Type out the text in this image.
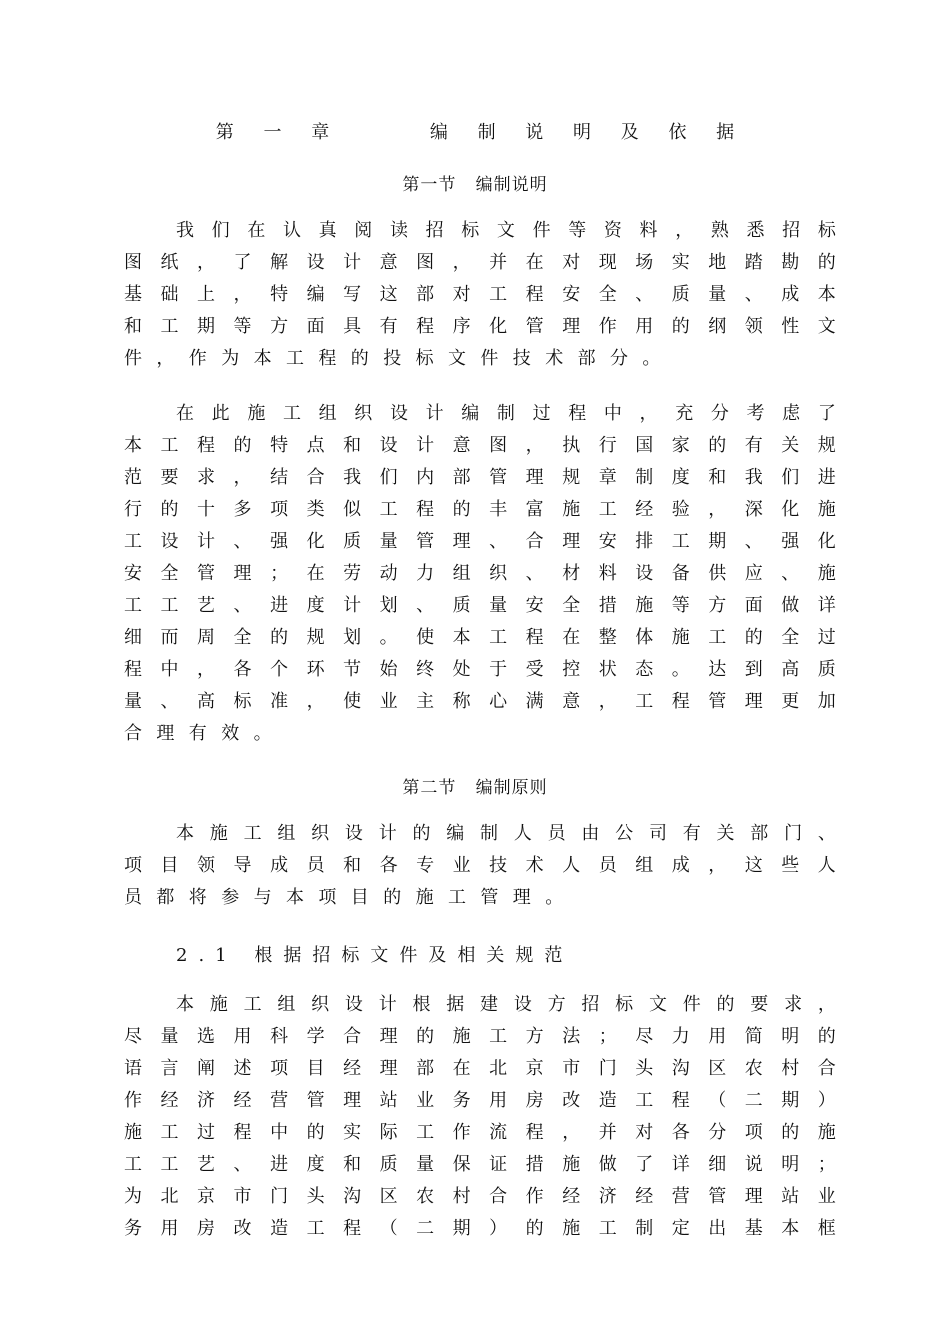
第 一 章     编 制 说 明 及 依 据
第一节   编制说明
我 们 在 认 真 阅 读 招 标 文 件 等 资 料 ， 熟 悉 招 标
图 纸 ， 了 解 设 计 意 图 ， 并 在 对 现 场 实 地 踏 勘 的
基 础 上 ， 特 编 写 这 部 对 工 程 安 全 、 质 量 、 成 本
和 工 期 等 方 面 具 有 程 序 化 管 理 作 用 的 纲 领 性 文
件，作为本工程的投标文件技术部分。
在 此 施 工 组 织 设 计 编 制 过 程 中 ， 充 分 考 虑 了
本 工 程 的 特 点 和 设 计 意 图 ， 执 行 国 家 的 有 关 规
范 要 求 ， 结 合 我 们 内 部 管 理 规 章 制 度 和 我 们 进
行 的 十 多 项 类 似 工 程 的 丰 富 施 工 经 验 ， 深 化 施
工 设 计 、 强 化 质 量 管 理 、 合 理 安 排 工 期 、 强 化
安 全 管 理 ； 在 劳 动 力 组 织 、 材 料 设 备 供 应 、 施
工 工 艺 、 进 度 计 划 、 质 量 安 全 措 施 等 方 面 做 详
细 而 周 全 的 规 划 。 使 本 工 程 在 整 体 施 工 的 全 过
程 中 ， 各 个 环 节 始 终 处 于 受 控 状 态 。 达 到 高 质
量 、 高 标 准 ， 使 业 主 称 心 满 意 ， 工 程 管 理 更 加
合理有效。
第二节   编制原则
本 施 工 组 织 设 计 的 编 制 人 员 由 公 司 有 关 部 门 、
项 目 领 导 成 员 和 各 专 业 技 术 人 员 组 成 ， 这 些 人
员都将参与本项目的施工管理。
2.1 根据招标文件及相关规范
本 施 工 组 织 设 计 根 据 建 设 方 招 标 文 件 的 要 求 ，
尽 量 选 用 科 学 合 理 的 施 工 方 法 ； 尽 力 用 简 明 的
语 言 阐 述 项 目 经 理 部 在 北 京 市 门 头 沟 区 农 村 合
作 经 济 经 营 管 理 站 业 务 用 房 改 造 工 程 （ 二 期 ）
施 工 过 程 中 的 实 际 工 作 流 程 ， 并 对 各 分 项 的 施
工 工 艺 、 进 度 和 质 量 保 证 措 施 做 了 详 细 说 明 ；
为 北 京 市 门 头 沟 区 农 村 合 作 经 济 经 营 管 理 站 业
务 用 房 改 造 工 程 （ 二 期 ） 的 施 工 制 定 出 基 本 框
